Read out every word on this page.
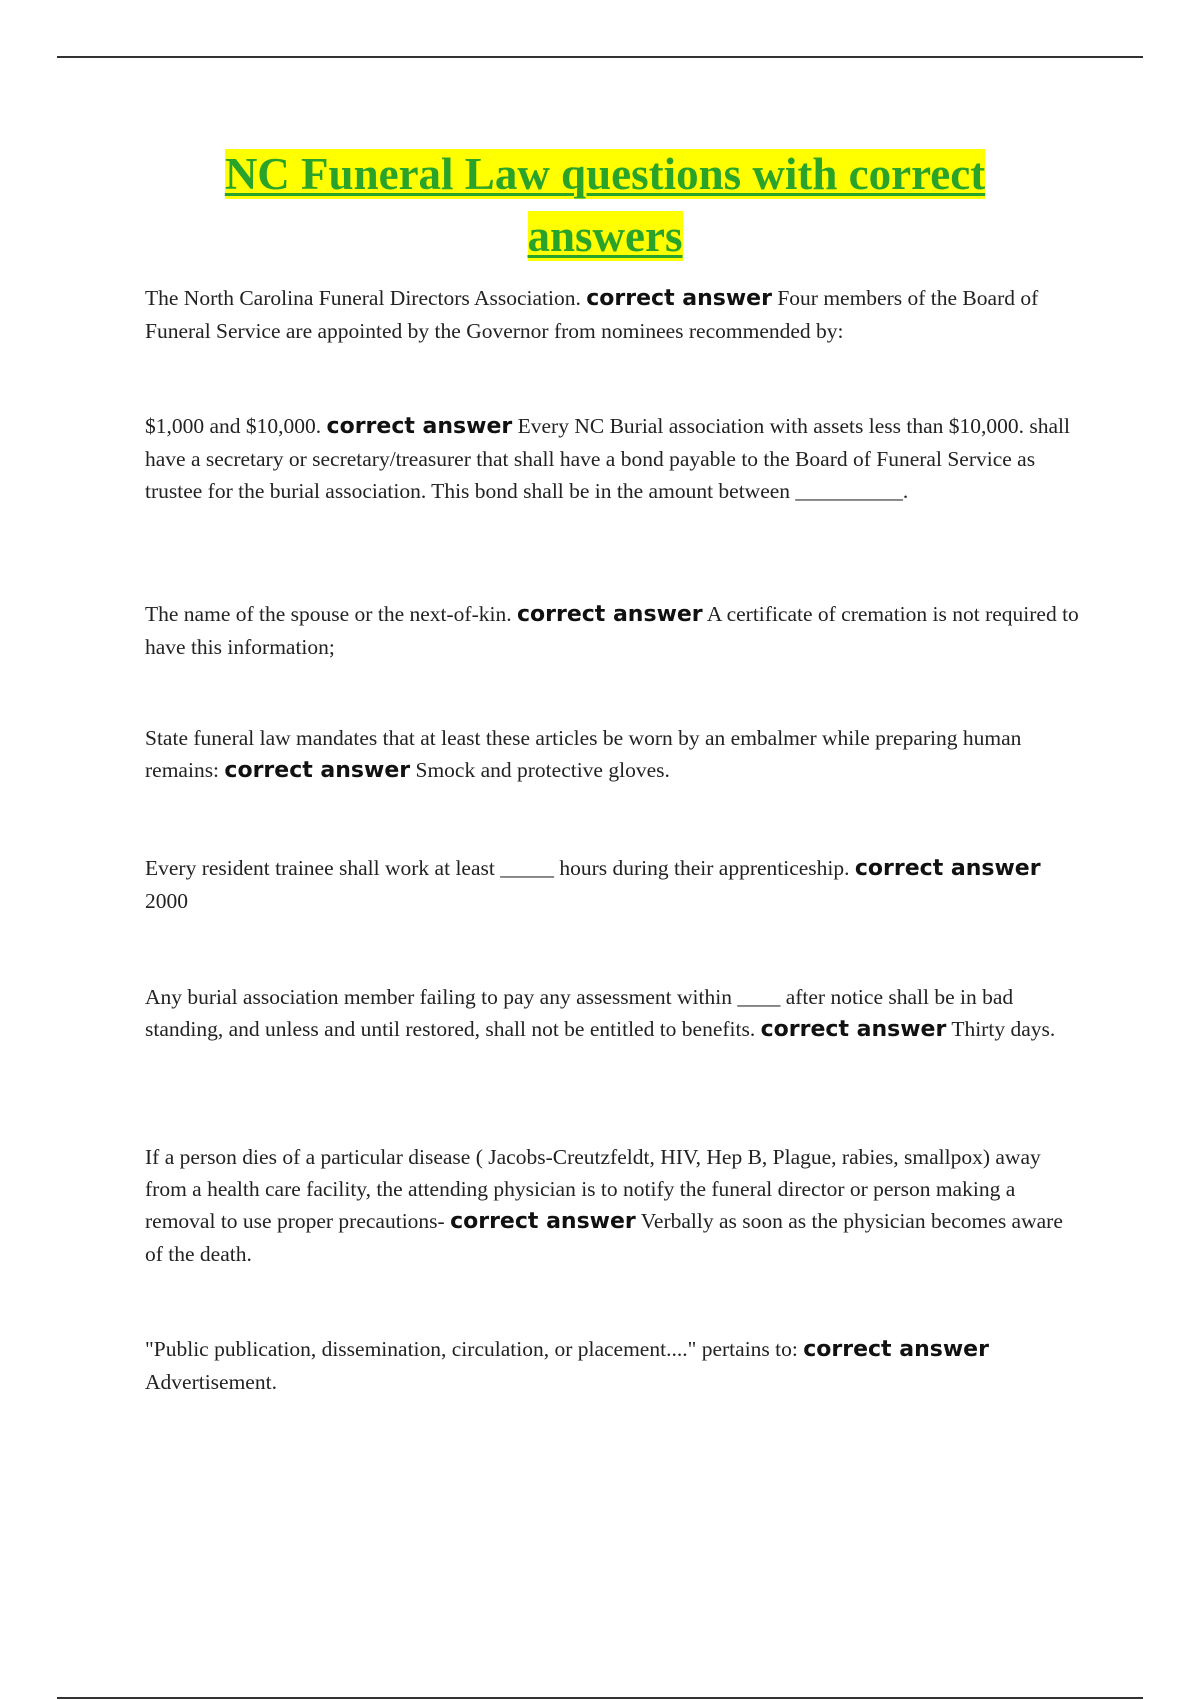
NC Funeral Law questions with correct answers

The North Carolina Funeral Directors Association. correct answer Four members of the Board of Funeral Service are appointed by the Governor from nominees recommended by:

$1,000 and $10,000. correct answer Every NC Burial association with assets less than $10,000. shall have a secretary or secretary/treasurer that shall have a bond payable to the Board of Funeral Service as trustee for the burial association. This bond shall be in the amount between __________.

The name of the spouse or the next-of-kin. correct answer A certificate of cremation is not required to have this information;

State funeral law mandates that at least these articles be worn by an embalmer while preparing human remains: correct answer Smock and protective gloves.

Every resident trainee shall work at least _____ hours during their apprenticeship. correct answer 2000

Any burial association member failing to pay any assessment within ____ after notice shall be in bad standing, and unless and until restored, shall not be entitled to benefits. correct answer Thirty days.

If a person dies of a particular disease ( Jacobs-Creutzfeldt, HIV, Hep B, Plague, rabies, smallpox) away from a health care facility, the attending physician is to notify the funeral director or person making a removal to use proper precautions- correct answer Verbally as soon as the physician becomes aware of the death.

"Public publication, dissemination, circulation, or placement...." pertains to: correct answer Advertisement.
